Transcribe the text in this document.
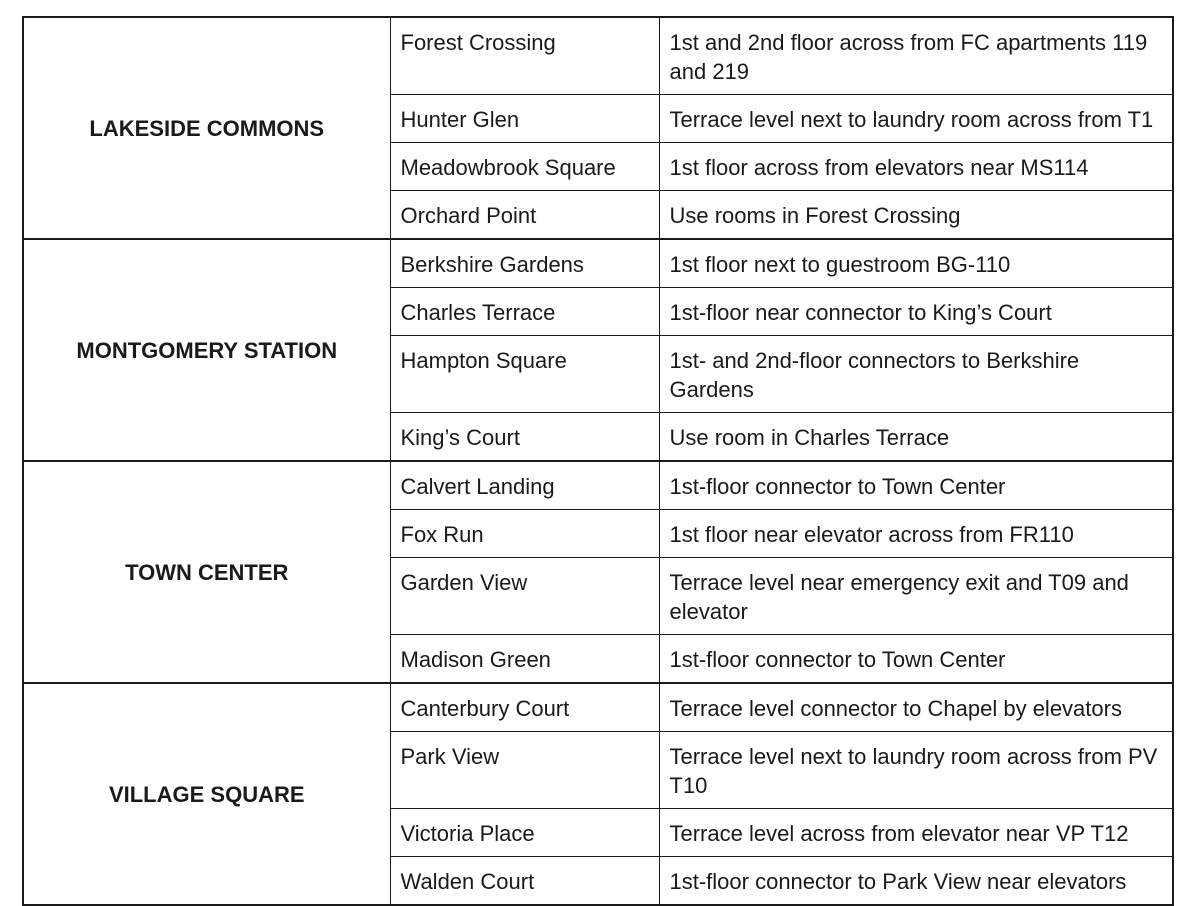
LAKESIDE COMMONS	Forest Crossing	1st and 2nd floor across from FC apartments 119 and 219
	Hunter Glen	Terrace level next to laundry room across from T1
	Meadowbrook Square	1st floor across from elevators near MS114
	Orchard Point	Use rooms in Forest Crossing
MONTGOMERY STATION	Berkshire Gardens	1st floor next to guestroom BG-110
	Charles Terrace	1st-floor near connector to King’s Court
	Hampton Square	1st- and 2nd-floor connectors to Berkshire Gardens
	King’s Court	Use room in Charles Terrace
TOWN CENTER	Calvert Landing	1st-floor connector to Town Center
	Fox Run	1st floor near elevator across from FR110
	Garden View	Terrace level near emergency exit and T09 and elevator
	Madison Green	1st-floor connector to Town Center
VILLAGE SQUARE	Canterbury Court	Terrace level connector to Chapel by elevators
	Park View	Terrace level next to laundry room across from PV T10
	Victoria Place	Terrace level across from elevator near VP T12
	Walden Court	1st-floor connector to Park View near elevators
